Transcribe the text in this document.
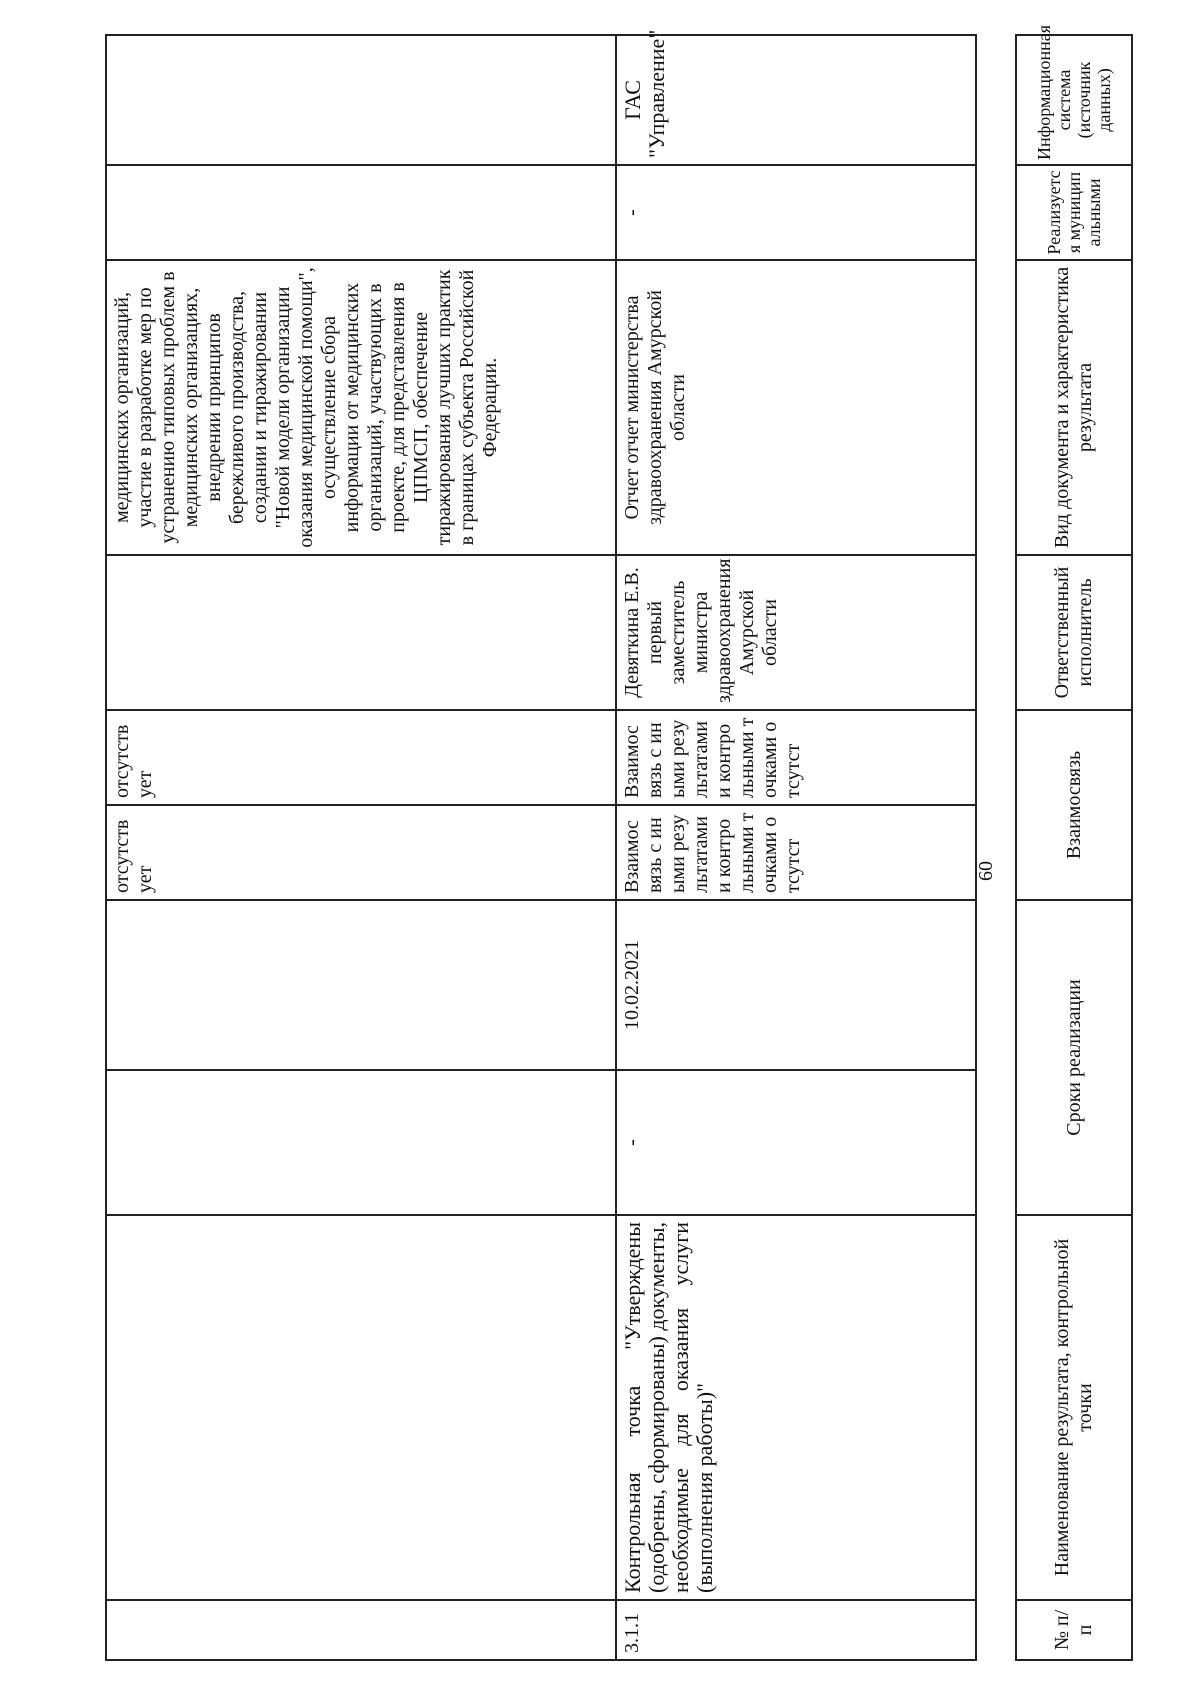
				отсутствует	отсутствует		медицинских организаций, участие в разработке мер по устранению типовых проблем в медицинских организациях, внедрении принципов бережливого производства, создании и тиражировании "Новой модели организации оказания медицинской помощи", осуществление сбора информации от медицинских организаций, участвующих в проекте, для представления в ЦПМСП, обеспечение тиражирования лучших практик в границах субъекта Российской Федерации.		
3.1.1	Контрольная точка "Утверждены (одобрены, сформированы) документы, необходимые для оказания услуги (выполнения работы)"	-	10.02.2021	Взаимосвязь с иными результатами и контрольными точками отсутст	Взаимосвязь с иными результатами и контрольными точками отсутст	Девяткина Е.В. первый заместитель министра здравоохранения Амурской области	Отчет отчет министерства здравоохранения Амурской области	-	ГАС "Управление"
60
№ п/п	Наименование результата, контрольной точки	Сроки реализации	Взаимосвязь	Ответственный исполнитель	Вид документа и характеристика результата	Реализуется муниципальными	Информационная система (источник данных)
